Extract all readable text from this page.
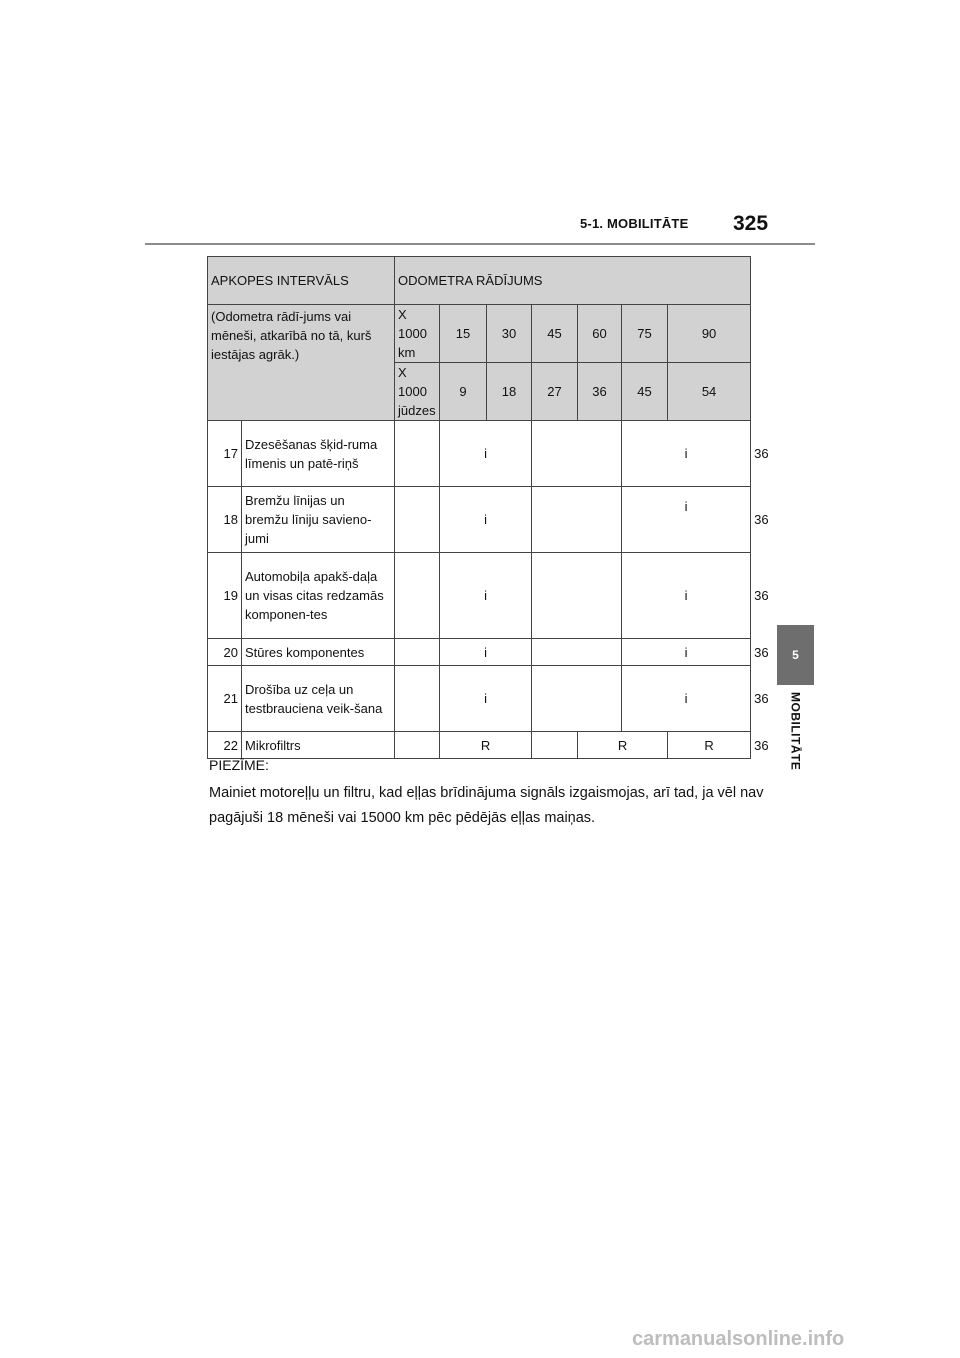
5-1. MOBILITĀTE 325
5
MOBILITĀTE
APKOPES INTERVĀLS		ODOMETRA RĀDĪJUMS							
(Odometra rādī-jums vai mēneši, atkarībā no tā, kurš iestājas agrāk.)		X 1000 km	15	30	45	60	75	90	
		X 1000 jūdzes	9	18	27	36	45	54	
17	Dzesēšanas šķid-ruma līmenis un patē-riņš		i				i		36
18	Bremžu līnijas un bremžu līniju savieno-jumi		i				i		36
19	Automobiļa apakš-daļa un visas citas redzamās komponen-tes		i				i		36
20	Stūres komponentes		i				i		36
21	Drošība uz ceļa un testbrauciena veik-šana		i				i		36
22	Mikrofiltrs		R			R		R	36
PIEZĪME:
Mainiet motoreļļu un filtru, kad eļļas brīdinājuma signāls izgaismojas, arī tad, ja vēl nav pagājuši 18 mēneši vai 15000 km pēc pēdējās eļļas maiņas.
carmanualsonline.info
